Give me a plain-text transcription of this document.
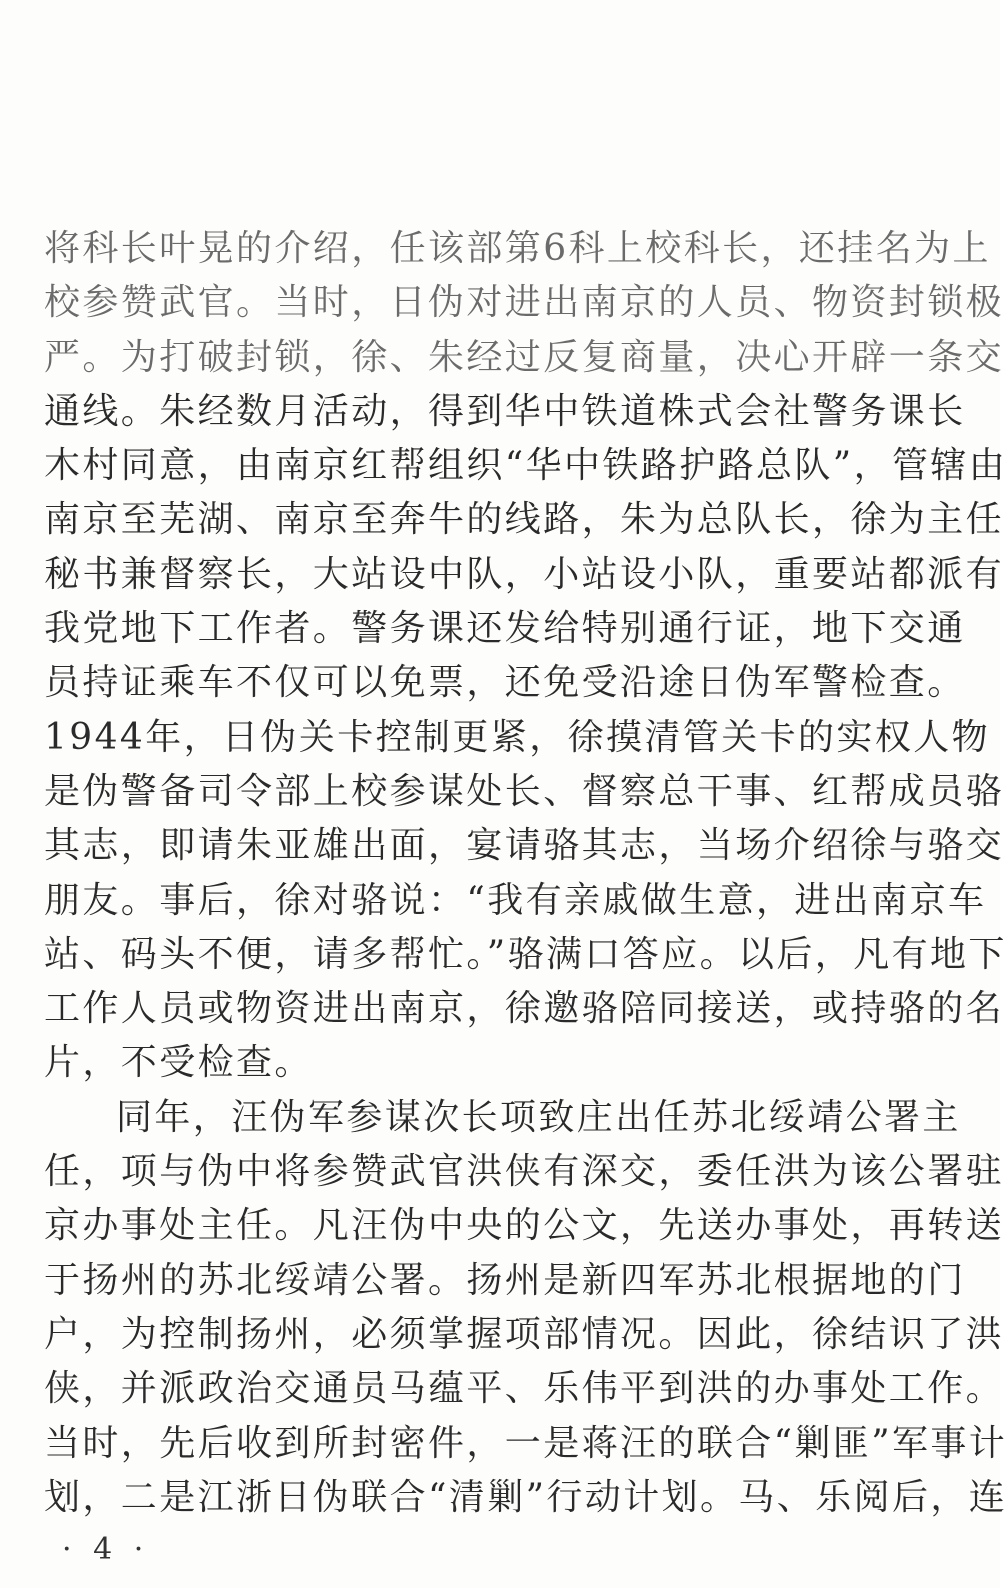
将科长叶晃的介绍，任该部第6科上校科长，还挂名为上
校参赞武官。当时，日伪对进出南京的人员、物资封锁极
严。为打破封锁，徐、朱经过反复商量，决心开辟一条交
通线。朱经数月活动，得到华中铁道株式会社警务课长
木村同意，由南京红帮组织“华中铁路护路总队”，管辖由
南京至芜湖、南京至奔牛的线路，朱为总队长，徐为主任
秘书兼督察长，大站设中队，小站设小队，重要站都派有
我党地下工作者。警务课还发给特别通行证，地下交通
员持证乘车不仅可以免票，还免受沿途日伪军警检查。
1944年，日伪关卡控制更紧，徐摸清管关卡的实权人物
是伪警备司令部上校参谋处长、督察总干事、红帮成员骆
其志，即请朱亚雄出面，宴请骆其志，当场介绍徐与骆交
朋友。事后，徐对骆说：“我有亲戚做生意，进出南京车
站、码头不便，请多帮忙。”骆满口答应。以后，凡有地下
工作人员或物资进出南京，徐邀骆陪同接送，或持骆的名
片，不受检查。
同年，汪伪军参谋次长项致庄出任苏北绥靖公署主
任，项与伪中将参赞武官洪侠有深交，委任洪为该公署驻
京办事处主任。凡汪伪中央的公文，先送办事处，再转送
于扬州的苏北绥靖公署。扬州是新四军苏北根据地的门
户，为控制扬州，必须掌握项部情况。因此，徐结识了洪
侠，并派政治交通员马蕴平、乐伟平到洪的办事处工作。
当时，先后收到所封密件，一是蒋汪的联合“剿匪”军事计
划，二是江浙日伪联合“清剿”行动计划。马、乐阅后，连
· 4 ·
